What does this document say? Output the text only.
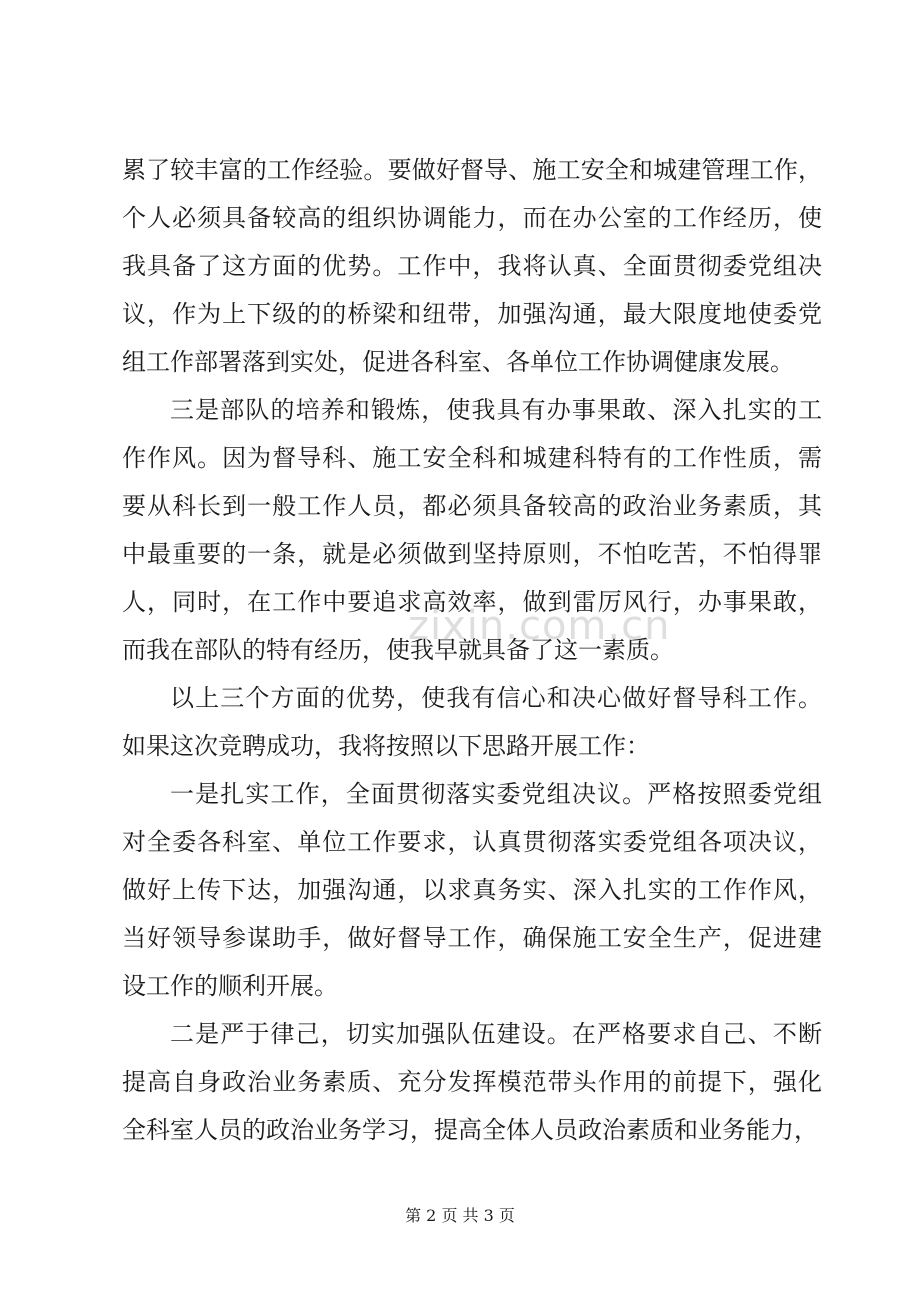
累了较丰富的工作经验。要做好督导、施工安全和城建管理工作，
个人必须具备较高的组织协调能力，而在办公室的工作经历，使
我具备了这方面的优势。工作中，我将认真、全面贯彻委党组决
议，作为上下级的的桥梁和纽带，加强沟通，最大限度地使委党
组工作部署落到实处，促进各科室、各单位工作协调健康发展。
三是部队的培养和锻炼，使我具有办事果敢、深入扎实的工
作作风。因为督导科、施工安全科和城建科特有的工作性质，需
要从科长到一般工作人员，都必须具备较高的政治业务素质，其
中最重要的一条，就是必须做到坚持原则，不怕吃苦，不怕得罪
人，同时，在工作中要追求高效率，做到雷厉风行，办事果敢，
而我在部队的特有经历，使我早就具备了这一素质。
以上三个方面的优势，使我有信心和决心做好督导科工作。
如果这次竞聘成功，我将按照以下思路开展工作：
一是扎实工作，全面贯彻落实委党组决议。严格按照委党组
对全委各科室、单位工作要求，认真贯彻落实委党组各项决议，
做好上传下达，加强沟通，以求真务实、深入扎实的工作作风，
当好领导参谋助手，做好督导工作，确保施工安全生产，促进建
设工作的顺利开展。
二是严于律己，切实加强队伍建设。在严格要求自己、不断
提高自身政治业务素质、充分发挥模范带头作用的前提下，强化
全科室人员的政治业务学习，提高全体人员政治素质和业务能力，
zixin.com.cn
第 2 页 共 3 页
